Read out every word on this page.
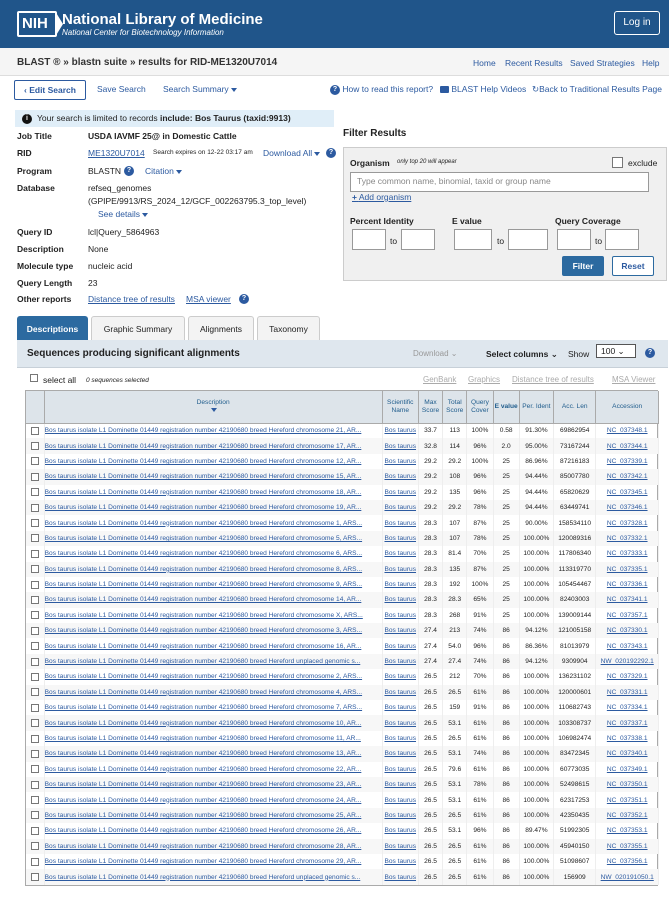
NIH National Library of Medicine
National Center for Biotechnology Information
Log in
BLAST ® » blastn suite » results for RID-ME1320U7014	Home Recent Results Saved Strategies Help
‹ Edit Search	Save Search Search Summary	? How to read this report?	BLAST Help Videos ↻Back to Traditional Results Page
i	Your search is limited to records include: Bos Taurus (taxid:9913)
Job Title	USDA IAVMF 25@ in Domestic Cattle
RID	ME1320U7014 Search expires on 12-22 03:17 am Download All	?
Program	BLASTN ?	Citation
Database	refseq_genomes
(GPIPE/9913/RS_2024_12/GCF_002263795.3_top_level)
See details
Query ID	lcl|Query_5864963
Description	None
Molecule type nucleic acid
Query Length 23
Other reports Distance tree of results MSA viewer	?
Filter Results
Organism only top 20 will appear	exclude
Type common name, binomial, taxid or group name
+ Add organism
Percent Identity	E value	Query Coverage
to	to	to
Filter	Reset
Descriptions	Graphic Summary	Alignments	Taxonomy
Sequences producing significant alignments	Download ⌄	Select columns ⌄ Show	100 ⌄	?
select all 0 sequences selected	GenBank Graphics Distance tree of results MSA Viewer
	Description	Scientific Name	Max Score	Total Score	Query Cover	E value	Per. Ident	Acc. Len	Accession
	Bos taurus isolate L1 Dominette 01449 registration number 42190680 breed Hereford chromosome 21, AR...	Bos taurus	33.7	113	100%	0.58	91.30%	69862954	NC_037348.1
	Bos taurus isolate L1 Dominette 01449 registration number 42190680 breed Hereford chromosome 17, AR...	Bos taurus	32.8	114	96%	2.0	95.00%	73167244	NC_037344.1
	Bos taurus isolate L1 Dominette 01449 registration number 42190680 breed Hereford chromosome 12, AR...	Bos taurus	29.2	29.2	100%	25	86.96%	87216183	NC_037339.1
	Bos taurus isolate L1 Dominette 01449 registration number 42190680 breed Hereford chromosome 15, AR...	Bos taurus	29.2	108	96%	25	94.44%	85007780	NC_037342.1
	Bos taurus isolate L1 Dominette 01449 registration number 42190680 breed Hereford chromosome 18, AR...	Bos taurus	29.2	135	96%	25	94.44%	65820629	NC_037345.1
	Bos taurus isolate L1 Dominette 01449 registration number 42190680 breed Hereford chromosome 19, AR...	Bos taurus	29.2	29.2	78%	25	94.44%	63449741	NC_037346.1
	Bos taurus isolate L1 Dominette 01449 registration number 42190680 breed Hereford chromosome 1, ARS...	Bos taurus	28.3	107	87%	25	90.00%	158534110	NC_037328.1
	Bos taurus isolate L1 Dominette 01449 registration number 42190680 breed Hereford chromosome 5, ARS...	Bos taurus	28.3	107	78%	25	100.00%	120089316	NC_037332.1
	Bos taurus isolate L1 Dominette 01449 registration number 42190680 breed Hereford chromosome 6, ARS...	Bos taurus	28.3	81.4	70%	25	100.00%	117806340	NC_037333.1
	Bos taurus isolate L1 Dominette 01449 registration number 42190680 breed Hereford chromosome 8, ARS...	Bos taurus	28.3	135	87%	25	100.00%	113319770	NC_037335.1
	Bos taurus isolate L1 Dominette 01449 registration number 42190680 breed Hereford chromosome 9, ARS...	Bos taurus	28.3	192	100%	25	100.00%	105454467	NC_037336.1
	Bos taurus isolate L1 Dominette 01449 registration number 42190680 breed Hereford chromosome 14, AR...	Bos taurus	28.3	28.3	65%	25	100.00%	82403003	NC_037341.1
	Bos taurus isolate L1 Dominette 01449 registration number 42190680 breed Hereford chromosome X, ARS...	Bos taurus	28.3	268	91%	25	100.00%	139009144	NC_037357.1
	Bos taurus isolate L1 Dominette 01449 registration number 42190680 breed Hereford chromosome 3, ARS...	Bos taurus	27.4	213	74%	86	94.12%	121005158	NC_037330.1
	Bos taurus isolate L1 Dominette 01449 registration number 42190680 breed Hereford chromosome 16, AR...	Bos taurus	27.4	54.0	96%	86	86.36%	81013979	NC_037343.1
	Bos taurus isolate L1 Dominette 01449 registration number 42190680 breed Hereford unplaced genomic s...	Bos taurus	27.4	27.4	74%	86	94.12%	9309904	NW_020192292.1
	Bos taurus isolate L1 Dominette 01449 registration number 42190680 breed Hereford chromosome 2, ARS...	Bos taurus	26.5	212	70%	86	100.00%	136231102	NC_037329.1
	Bos taurus isolate L1 Dominette 01449 registration number 42190680 breed Hereford chromosome 4, ARS...	Bos taurus	26.5	26.5	61%	86	100.00%	120000601	NC_037331.1
	Bos taurus isolate L1 Dominette 01449 registration number 42190680 breed Hereford chromosome 7, ARS...	Bos taurus	26.5	159	91%	86	100.00%	110682743	NC_037334.1
	Bos taurus isolate L1 Dominette 01449 registration number 42190680 breed Hereford chromosome 10, AR...	Bos taurus	26.5	53.1	61%	86	100.00%	103308737	NC_037337.1
	Bos taurus isolate L1 Dominette 01449 registration number 42190680 breed Hereford chromosome 11, AR...	Bos taurus	26.5	26.5	61%	86	100.00%	106982474	NC_037338.1
	Bos taurus isolate L1 Dominette 01449 registration number 42190680 breed Hereford chromosome 13, AR...	Bos taurus	26.5	53.1	74%	86	100.00%	83472345	NC_037340.1
	Bos taurus isolate L1 Dominette 01449 registration number 42190680 breed Hereford chromosome 22, AR...	Bos taurus	26.5	79.6	61%	86	100.00%	60773035	NC_037349.1
	Bos taurus isolate L1 Dominette 01449 registration number 42190680 breed Hereford chromosome 23, AR...	Bos taurus	26.5	53.1	78%	86	100.00%	52498615	NC_037350.1
	Bos taurus isolate L1 Dominette 01449 registration number 42190680 breed Hereford chromosome 24, AR...	Bos taurus	26.5	53.1	61%	86	100.00%	62317253	NC_037351.1
	Bos taurus isolate L1 Dominette 01449 registration number 42190680 breed Hereford chromosome 25, AR...	Bos taurus	26.5	26.5	61%	86	100.00%	42350435	NC_037352.1
	Bos taurus isolate L1 Dominette 01449 registration number 42190680 breed Hereford chromosome 26, AR...	Bos taurus	26.5	53.1	96%	86	89.47%	51992305	NC_037353.1
	Bos taurus isolate L1 Dominette 01449 registration number 42190680 breed Hereford chromosome 28, AR...	Bos taurus	26.5	26.5	61%	86	100.00%	45940150	NC_037355.1
	Bos taurus isolate L1 Dominette 01449 registration number 42190680 breed Hereford chromosome 29, AR...	Bos taurus	26.5	26.5	61%	86	100.00%	51098607	NC_037356.1
	Bos taurus isolate L1 Dominette 01449 registration number 42190680 breed Hereford unplaced genomic s...	Bos taurus	26.5	26.5	61%	86	100.00%	156909	NW_020191050.1
